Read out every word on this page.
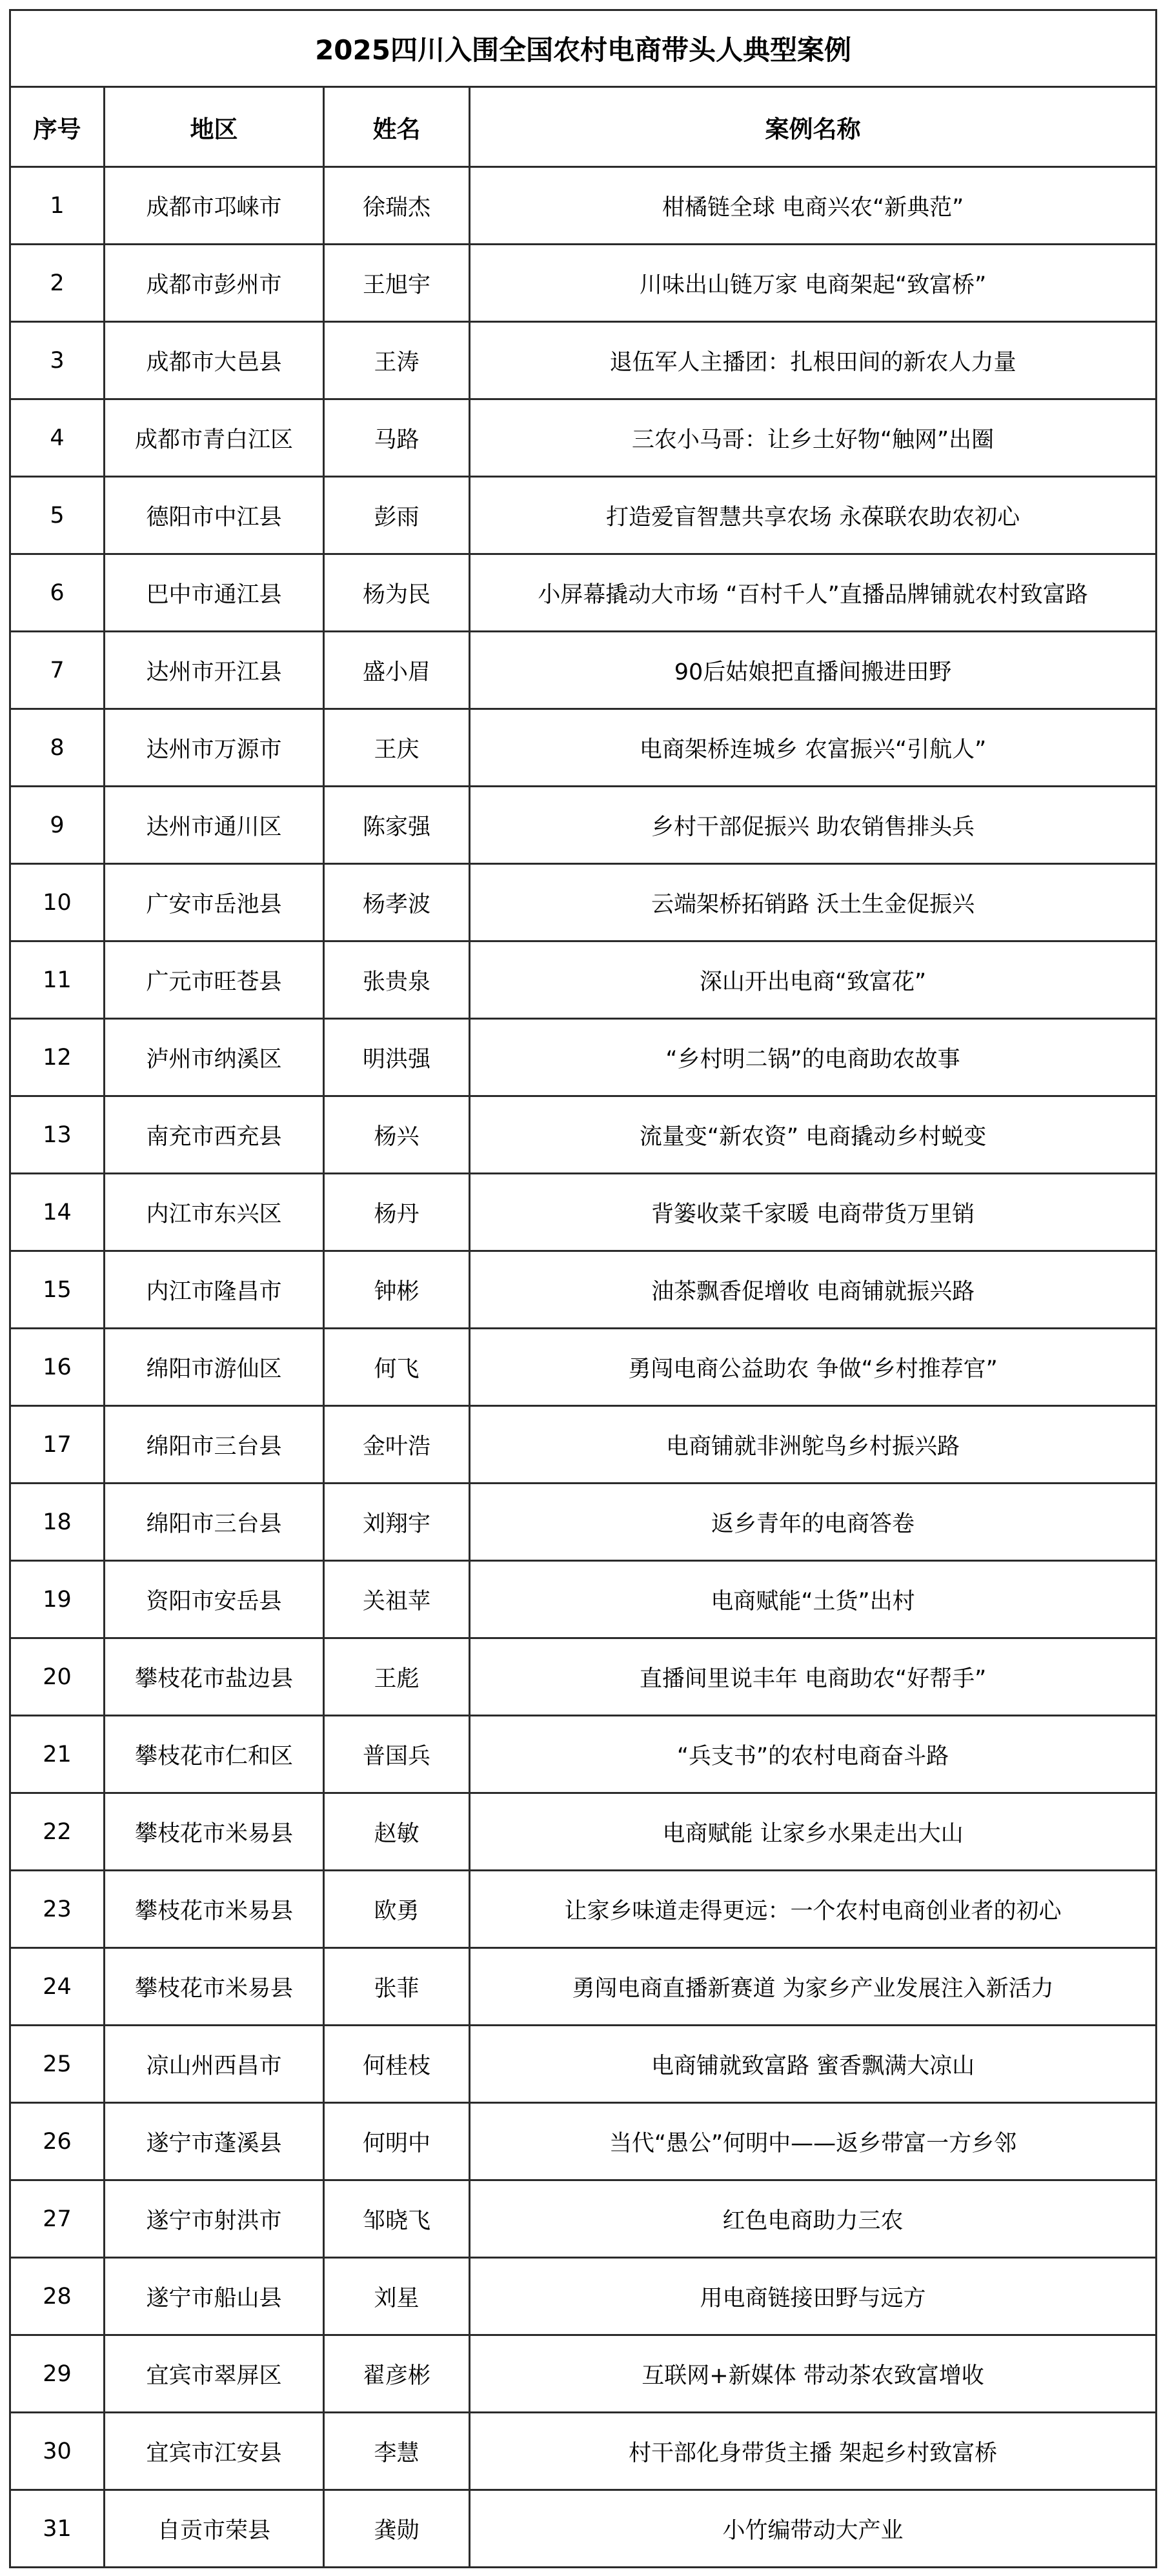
2025四川入围全国农村电商带头人典型案例			
序号	地区	姓名	案例名称
1	成都市邛崃市	徐瑞杰	柑橘链全球 电商兴农“新典范”
2	成都市彭州市	王旭宇	川味出山链万家 电商架起“致富桥”
3	成都市大邑县	王涛	退伍军人主播团：扎根田间的新农人力量
4	成都市青白江区	马路	三农小马哥：让乡土好物“触网”出圈
5	德阳市中江县	彭雨	打造爱盲智慧共享农场 永葆联农助农初心
6	巴中市通江县	杨为民	小屏幕撬动大市场 “百村千人”直播品牌铺就农村致富路
7	达州市开江县	盛小眉	90后姑娘把直播间搬进田野
8	达州市万源市	王庆	电商架桥连城乡 农富振兴“引航人”
9	达州市通川区	陈家强	乡村干部促振兴 助农销售排头兵
10	广安市岳池县	杨孝波	云端架桥拓销路 沃土生金促振兴
11	广元市旺苍县	张贵泉	深山开出电商“致富花”
12	泸州市纳溪区	明洪强	“乡村明二锅”的电商助农故事
13	南充市西充县	杨兴	流量变“新农资” 电商撬动乡村蜕变
14	内江市东兴区	杨丹	背篓收菜千家暖 电商带货万里销
15	内江市隆昌市	钟彬	油茶飘香促增收 电商铺就振兴路
16	绵阳市游仙区	何飞	勇闯电商公益助农 争做“乡村推荐官”
17	绵阳市三台县	金叶浩	电商铺就非洲鸵鸟乡村振兴路
18	绵阳市三台县	刘翔宇	返乡青年的电商答卷
19	资阳市安岳县	关祖苹	电商赋能“土货”出村
20	攀枝花市盐边县	王彪	直播间里说丰年 电商助农“好帮手”
21	攀枝花市仁和区	普国兵	“兵支书”的农村电商奋斗路
22	攀枝花市米易县	赵敏	电商赋能 让家乡水果走出大山
23	攀枝花市米易县	欧勇	让家乡味道走得更远：一个农村电商创业者的初心
24	攀枝花市米易县	张菲	勇闯电商直播新赛道 为家乡产业发展注入新活力
25	凉山州西昌市	何桂枝	电商铺就致富路 蜜香飘满大凉山
26	遂宁市蓬溪县	何明中	当代“愚公”何明中——返乡带富一方乡邻
27	遂宁市射洪市	邹晓飞	红色电商助力三农
28	遂宁市船山县	刘星	用电商链接田野与远方
29	宜宾市翠屏区	翟彦彬	互联网+新媒体 带动茶农致富增收
30	宜宾市江安县	李慧	村干部化身带货主播 架起乡村致富桥
31	自贡市荣县	龚勋	小竹编带动大产业
